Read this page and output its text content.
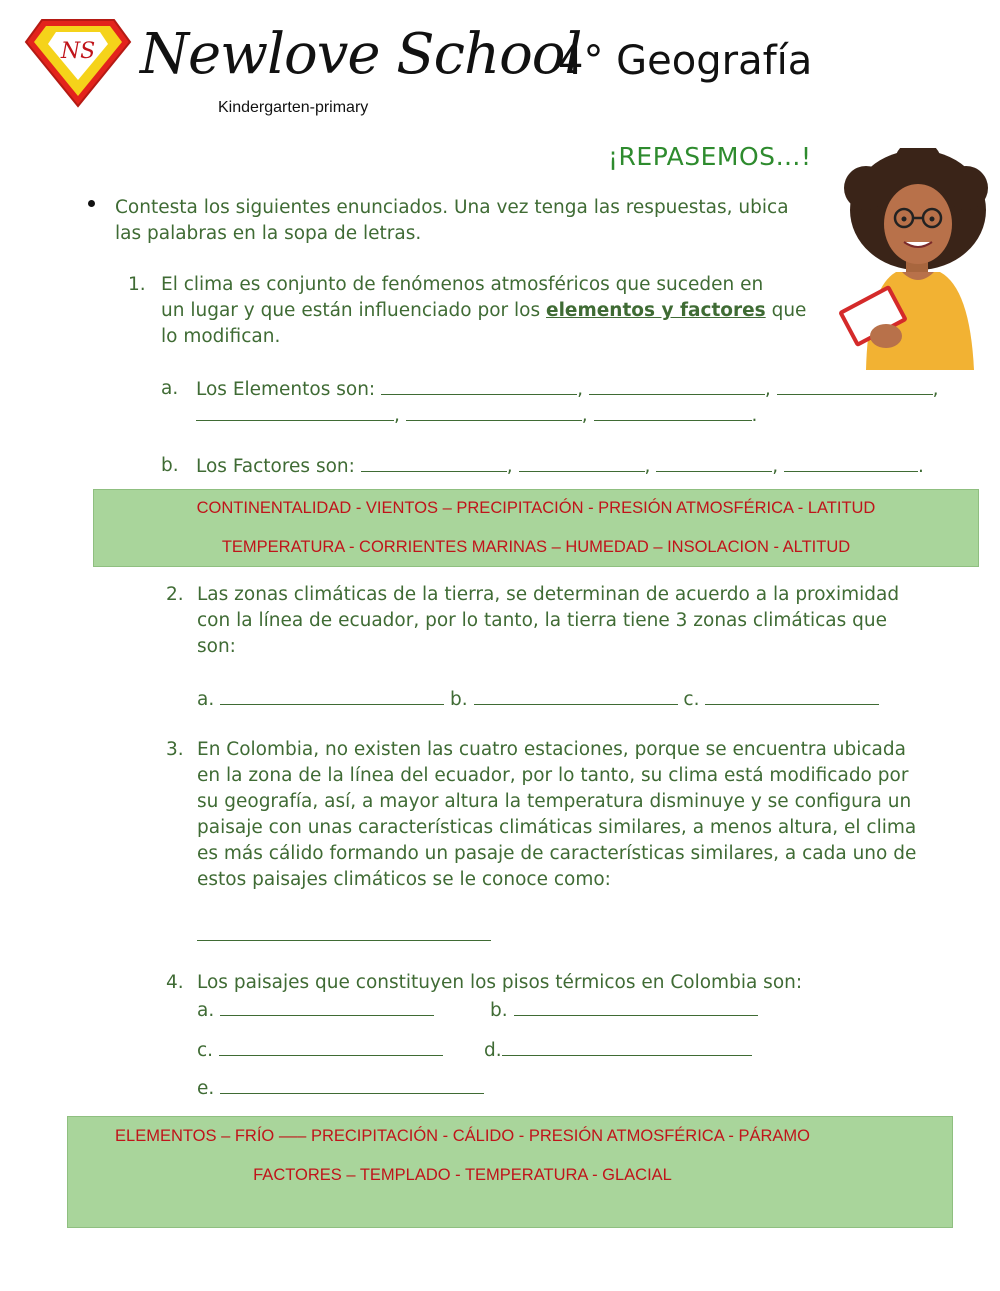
NS Newlove School
4° Geografía
Kindergarten-primary
¡REPASEMOS…!
Contesta los siguientes enunciados. Una vez tenga las respuestas, ubica
las palabras en la sopa de letras.
1. El clima es conjunto de fenómenos atmosféricos que suceden en
un lugar y que están influenciado por los elementos y factores que
lo modifican.
a. Los Elementos son:	,	,	,
,	,	.
b. Los Factores son:	,	,	,	.
CONTINENTALIDAD - VIENTOS – PRECIPITACIÓN - PRESIÓN ATMOSFÉRICA - LATITUD
TEMPERATURA - CORRIENTES MARINAS – HUMEDAD – INSOLACION - ALTITUD
2. Las zonas climáticas de la tierra, se determinan de acuerdo a la proximidad
con la línea de ecuador, por lo tanto, la tierra tiene 3 zonas climáticas que
son:
a.	b.	c.
3. En Colombia, no existen las cuatro estaciones, porque se encuentra ubicada
en la zona de la línea del ecuador, por lo tanto, su clima está modificado por
su geografía, así, a mayor altura la temperatura disminuye y se configura un
paisaje con unas características climáticas similares, a menos altura, el clima
es más cálido formando un pasaje de características similares, a cada uno de
estos paisajes climáticos se le conoce como:
4. Los paisajes que constituyen los pisos térmicos en Colombia son:
a.	b.
c.	d.
e.
ELEMENTOS – FRÍO ––– PRECIPITACIÓN - CÁLIDO - PRESIÓN ATMOSFÉRICA - PÁRAMO
FACTORES – TEMPLADO - TEMPERATURA - GLACIAL
